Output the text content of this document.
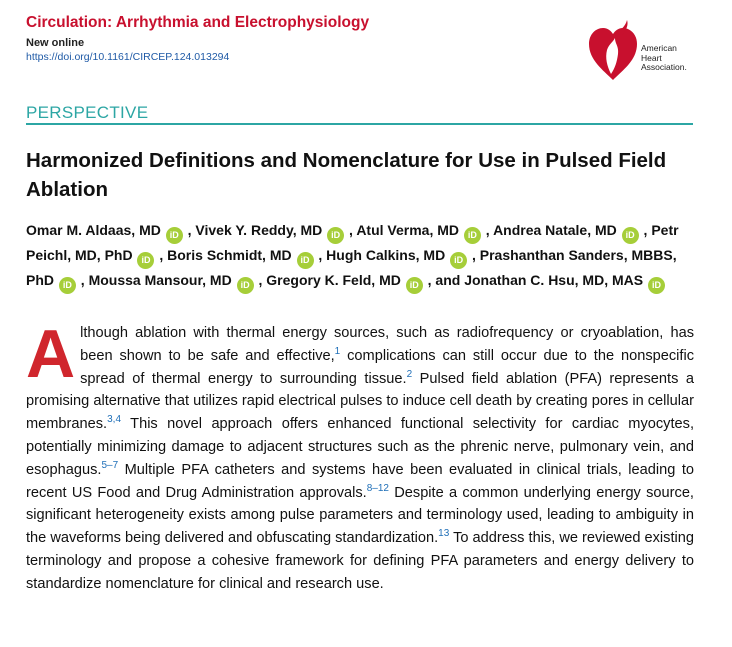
Circulation: Arrhythmia and Electrophysiology
New online
https://doi.org/10.1161/CIRCEP.124.013294
American
Heart
Association.
PERSPECTIVE
Harmonized Definitions and Nomenclature for Use in Pulsed Field Ablation
Omar M. Aldaas, MD iD , Vivek Y. Reddy, MD iD , Atul Verma, MD iD , Andrea Natale, MD iD , Petr Peichl, MD, PhD iD , Boris Schmidt, MD iD , Hugh Calkins, MD iD , Prashanthan Sanders, MBBS, PhD iD , Moussa Mansour, MD iD , Gregory K. Feld, MD iD , and Jonathan C. Hsu, MD, MAS iD
A lthough ablation with thermal energy sources, such as radiofrequency or cryoablation, has been shown to be safe and effective,$^1$ complications can still occur due to the nonspecific spread of thermal energy to surrounding tissue.$^2$ Pulsed field ablation (PFA) represents a promising alternative that utilizes rapid electrical pulses to induce cell death by creating pores in cellular membranes.$^{3,4}$ This novel approach offers enhanced functional selectivity for cardiac myocytes, potentially minimizing damage to adjacent structures such as the phrenic nerve, pulmonary vein, and esophagus.$^{5-7}$ Multiple PFA catheters and systems have been evaluated in clinical trials, leading to recent US Food and Drug Administration approvals.$^{8-12}$ Despite a common underlying energy source, significant heterogeneity exists among pulse parameters and terminology used, leading to ambiguity in the waveforms being delivered and obfuscating standardization.$^{13}$ To address this, we reviewed existing terminology and propose a cohesive framework for defining PFA parameters and energy delivery to standardize nomenclature for clinical and research use.
